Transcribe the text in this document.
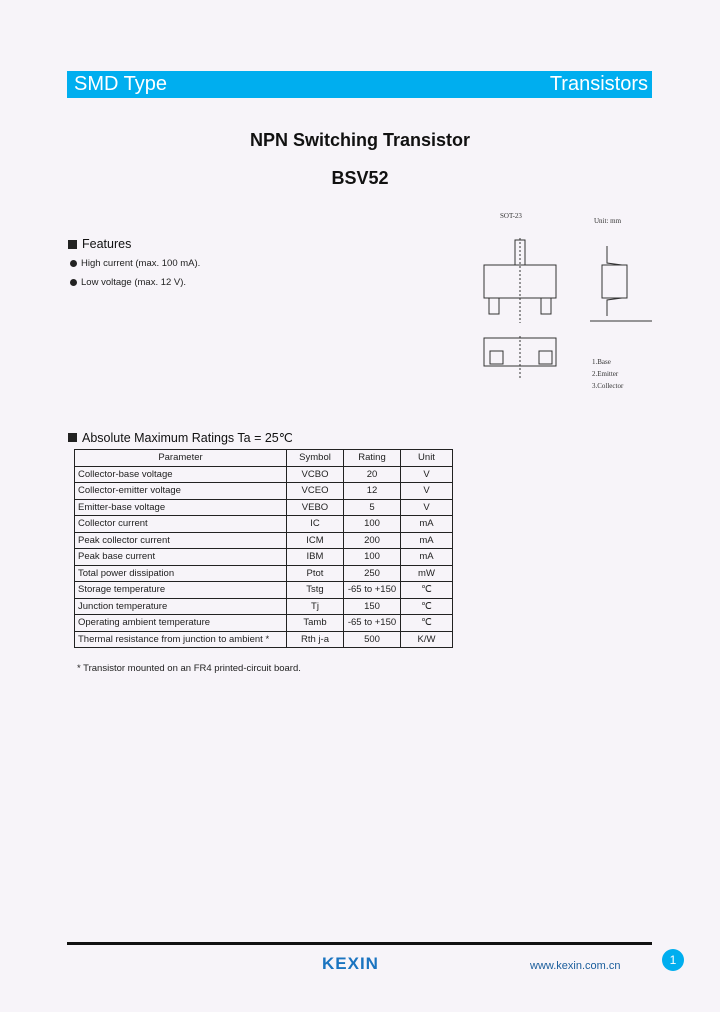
SMD Type	Transistors
NPN Switching Transistor
BSV52
Features
High current (max. 100 mA).
Low voltage (max. 12 V).
SOT-23
Unit: mm
1.Base
2.Emitter
3.Collector
Absolute Maximum Ratings Ta = 25℃
Parameter	Symbol	Rating	Unit
Collector-base voltage	VCBO	20	V
Collector-emitter voltage	VCEO	12	V
Emitter-base voltage	VEBO	5	V
Collector current	IC	100	mA
Peak collector current	ICM	200	mA
Peak base current	IBM	100	mA
Total power dissipation	Ptot	250	mW
Storage temperature	Tstg	-65 to +150	℃
Junction temperature	Tj	150	℃
Operating ambient temperature	Tamb	-65 to +150	℃
Thermal resistance from junction to ambient *	Rth j-a	500	K/W
* Transistor mounted on an FR4 printed-circuit board.
KEXIN	www.kexin.com.cn	1
